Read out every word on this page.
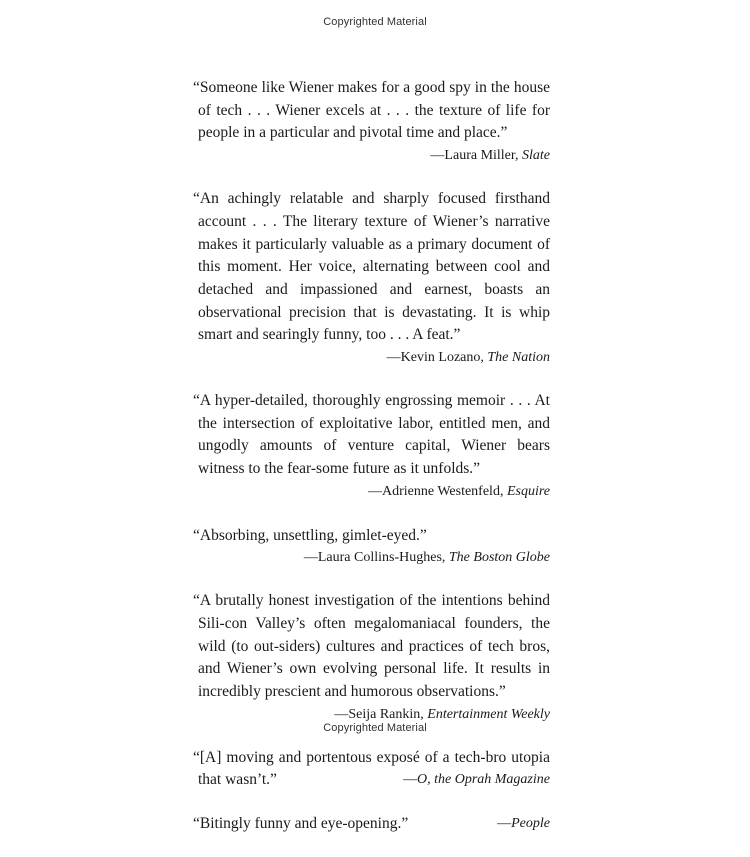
Copyrighted Material

“Someone like Wiener makes for a good spy in the house of tech . . . Wiener excels at . . . the texture of life for people in a particular and pivotal time and place.”

—Laura Miller, Slate

“An achingly relatable and sharply focused firsthand account . . . The literary texture of Wiener’s narrative makes it particularly valuable as a primary document of this moment. Her voice, alternating between cool and detached and impassioned and earnest, boasts an observational precision that is devastating. It is whip smart and searingly funny, too . . . A feat.”

—Kevin Lozano, The Nation

“A hyper-detailed, thoroughly engrossing memoir . . . At the intersection of exploitative labor, entitled men, and ungodly amounts of venture capital, Wiener bears witness to the fear-some future as it unfolds.”
—Adrienne Westenfeld, Esquire

“Absorbing, unsettling, gimlet-eyed.”

—Laura Collins-Hughes, The Boston Globe

“A brutally honest investigation of the intentions behind Sili-con Valley’s often megalomaniacal founders, the wild (to out-siders) cultures and practices of tech bros, and Wiener’s own evolving personal life. It results in incredibly prescient and humorous observations.”

—Seija Rankin, Entertainment Weekly

“[A] moving and portentous exposé of a tech-bro utopia that wasn’t.”	—O, the Oprah Magazine

“Bitingly funny and eye-opening.”	—People

Copyrighted Material
